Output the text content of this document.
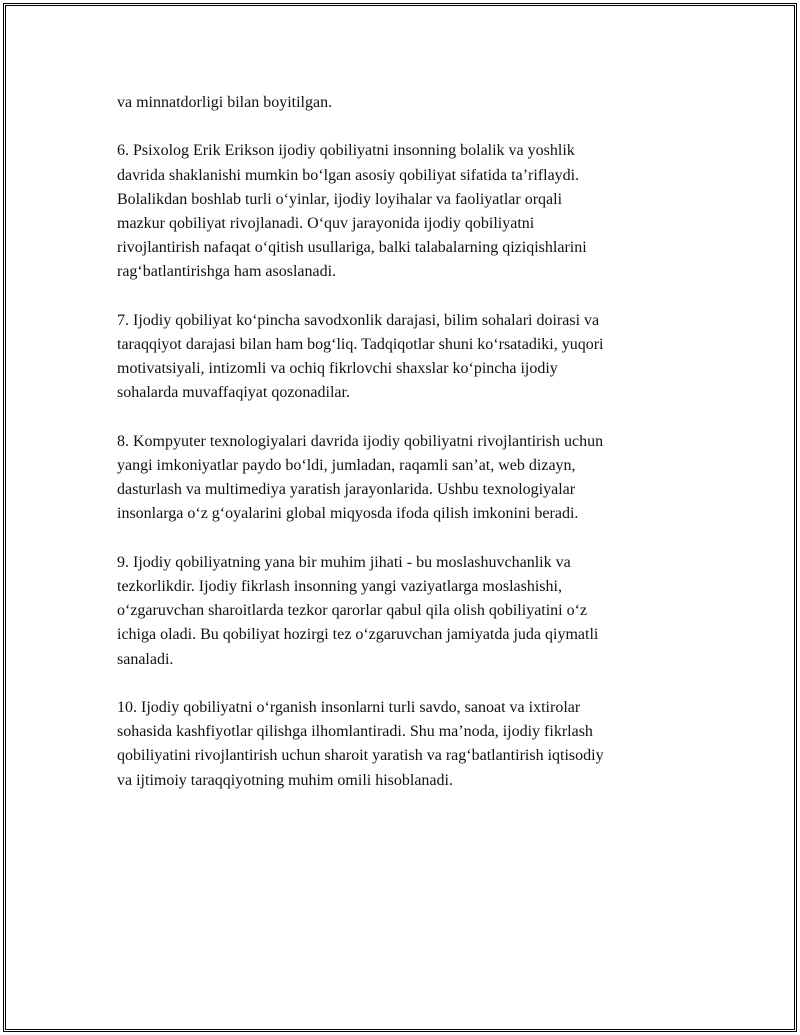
va minnatdorligi bilan boyitilgan.
6. Psixolog Erik Erikson ijodiy qobiliyatni insonning bolalik va yoshlik
davrida shaklanishi mumkin bo‘lgan asosiy qobiliyat sifatida ta’riflaydi.
Bolalikdan boshlab turli o‘yinlar, ijodiy loyihalar va faoliyatlar orqali
mazkur qobiliyat rivojlanadi. O‘quv jarayonida ijodiy qobiliyatni
rivojlantirish nafaqat o‘qitish usullariga, balki talabalarning qiziqishlarini
rag‘batlantirishga ham asoslanadi.
7. Ijodiy qobiliyat ko‘pincha savodxonlik darajasi, bilim sohalari doirasi va
taraqqiyot darajasi bilan ham bog‘liq. Tadqiqotlar shuni ko‘rsatadiki, yuqori
motivatsiyali, intizomli va ochiq fikrlovchi shaxslar ko‘pincha ijodiy
sohalarda muvaffaqiyat qozonadilar.
8. Kompyuter texnologiyalari davrida ijodiy qobiliyatni rivojlantirish uchun
yangi imkoniyatlar paydo bo‘ldi, jumladan, raqamli san’at, web dizayn,
dasturlash va multimediya yaratish jarayonlarida. Ushbu texnologiyalar
insonlarga o‘z g‘oyalarini global miqyosda ifoda qilish imkonini beradi.
9. Ijodiy qobiliyatning yana bir muhim jihati - bu moslashuvchanlik va
tezkorlikdir. Ijodiy fikrlash insonning yangi vaziyatlarga moslashishi,
o‘zgaruvchan sharoitlarda tezkor qarorlar qabul qila olish qobiliyatini o‘z
ichiga oladi. Bu qobiliyat hozirgi tez o‘zgaruvchan jamiyatda juda qiymatli
sanaladi.
10. Ijodiy qobiliyatni o‘rganish insonlarni turli savdo, sanoat va ixtirolar
sohasida kashfiyotlar qilishga ilhomlantiradi. Shu ma’noda, ijodiy fikrlash
qobiliyatini rivojlantirish uchun sharoit yaratish va rag‘batlantirish iqtisodiy
va ijtimoiy taraqqiyotning muhim omili hisoblanadi.
